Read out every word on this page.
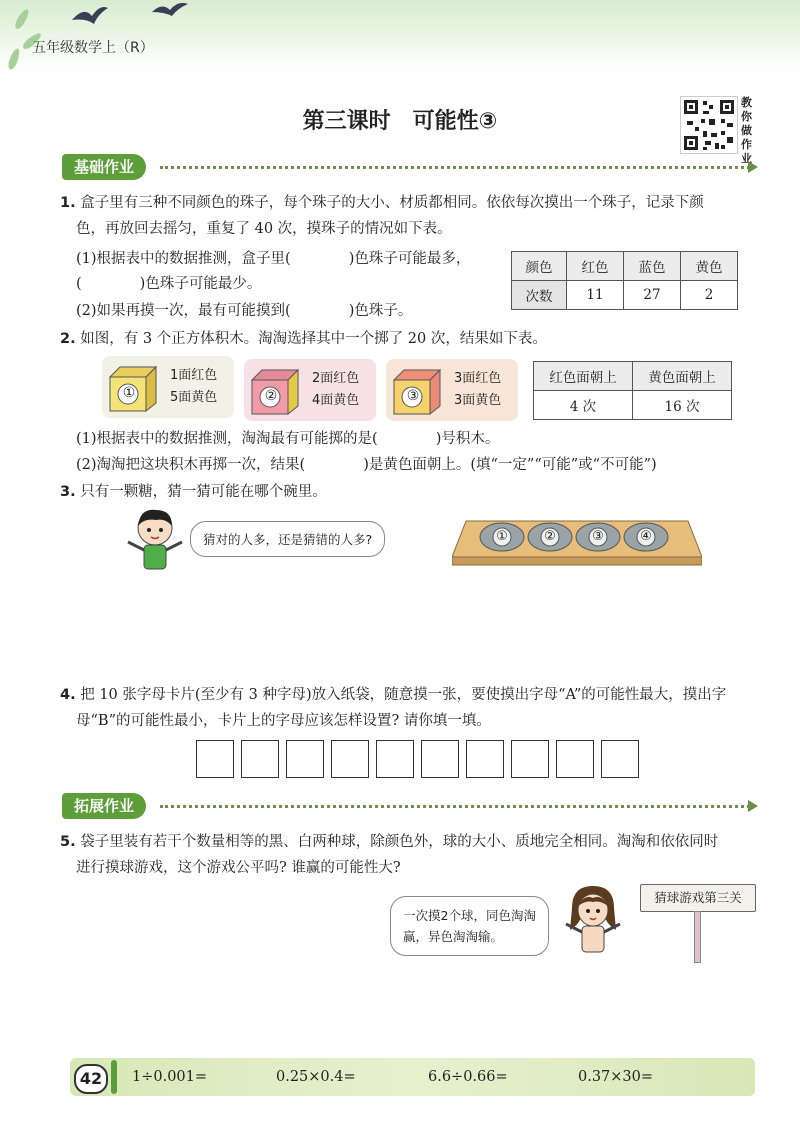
五年级数学上（R）
第三课时　可能性③
教你做作业
基础作业
1. 盒子里有三种不同颜色的珠子，每个珠子的大小、材质都相同。依依每次摸出一个珠子，记录下颜
色，再放回去摇匀，重复了 40 次，摸珠子的情况如下表。
(1)根据表中的数据推测，盒子里(　　　　)色珠子可能最多，
(　　　　)色珠子可能最少。
(2)如果再摸一次，最有可能摸到(　　　　)色珠子。
颜色	红色	蓝色	黄色
次数	11	27	2
2. 如图，有 3 个正方体积木。淘淘选择其中一个掷了 20 次，结果如下表。
①
1面红色
5面黄色	②
2面红色
4面黄色	③
3面红色
3面黄色
红色面朝上	黄色面朝上
4 次	16 次
(1)根据表中的数据推测，淘淘最有可能掷的是(　　　　)号积木。
(2)淘淘把这块积木再掷一次，结果(　　　　)是黄色面朝上。(填“一定”“可能”或“不可能”)
3. 只有一颗糖，猜一猜可能在哪个碗里。
猜对的人多，还是猜错的人多?	①	②	③	④
4. 把 10 张字母卡片(至少有 3 种字母)放入纸袋，随意摸一张，要使摸出字母“A”的可能性最大，摸出字
母“B”的可能性最小，卡片上的字母应该怎样设置? 请你填一填。
拓展作业
5. 袋子里装有若干个数量相等的黑、白两种球，除颜色外，球的大小、质地完全相同。淘淘和依依同时
进行摸球游戏，这个游戏公平吗? 谁赢的可能性大?
一次摸2个球，同色淘淘
赢，异色淘淘输。
猜球游戏第三关
42	1÷0.001=	0.25×0.4=	6.6÷0.66=	0.37×30=
